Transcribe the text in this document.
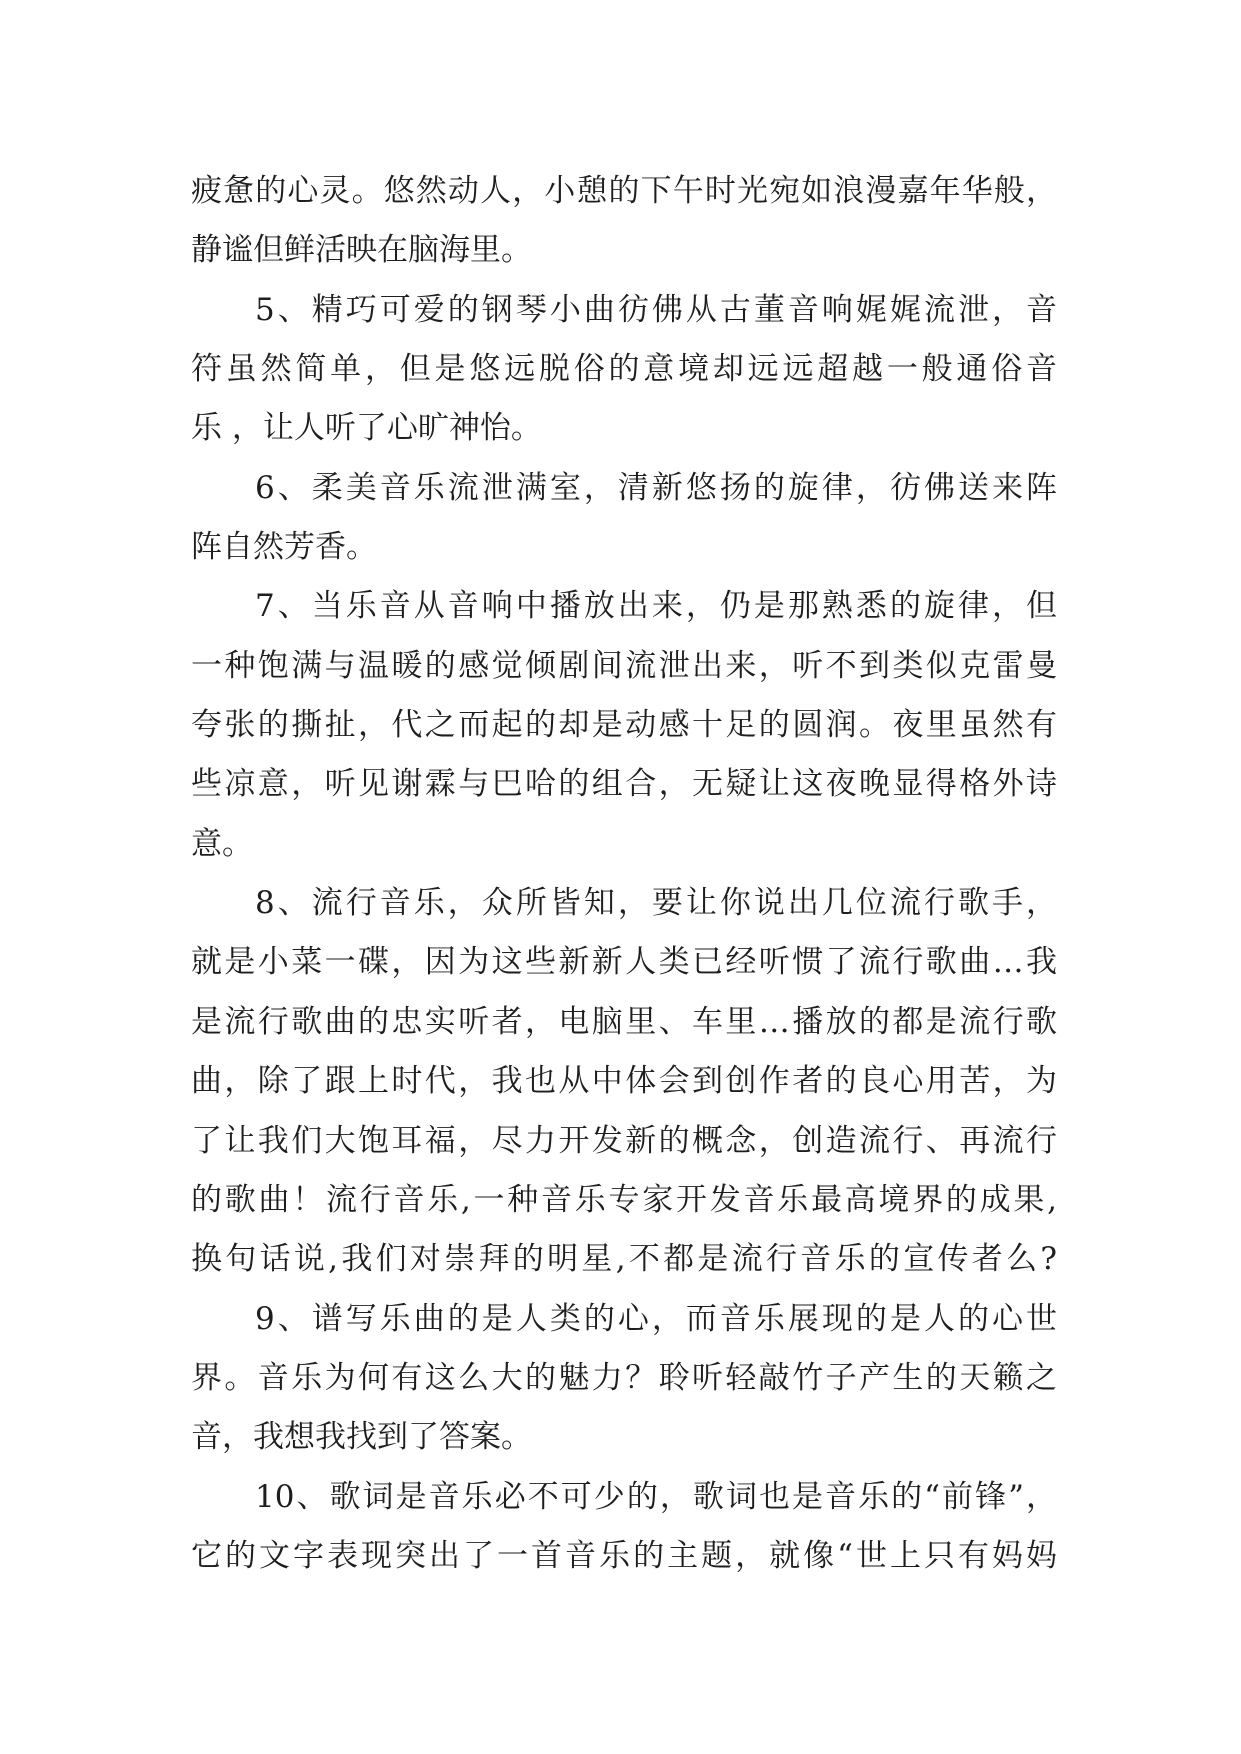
疲惫的心灵。悠然动人，小憩的下午时光宛如浪漫嘉年华般，
静谧但鲜活映在脑海里。
5、精巧可爱的钢琴小曲彷佛从古董音响娓娓流泄，音
符虽然简单，但是悠远脱俗的意境却远远超越一般通俗音
乐 ，让人听了心旷神怡。
6、柔美音乐流泄满室，清新悠扬的旋律，彷佛送来阵
阵自然芳香。
7、当乐音从音响中播放出来，仍是那熟悉的旋律，但
一种饱满与温暖的感觉倾剧间流泄出来，听不到类似克雷曼
夸张的撕扯，代之而起的却是动感十足的圆润。夜里虽然有
些凉意，听见谢霖与巴哈的组合，无疑让这夜晚显得格外诗
意。
8、流行音乐，众所皆知，要让你说出几位流行歌手，
就是小菜一碟，因为这些新新人类已经听惯了流行歌曲…我
是流行歌曲的忠实听者，电脑里、车里…播放的都是流行歌
曲，除了跟上时代，我也从中体会到创作者的良心用苦，为
了让我们大饱耳福，尽力开发新的概念，创造流行、再流行
的歌曲！流行音乐,一种音乐专家开发音乐最高境界的成果,
换句话说,我们对崇拜的明星,不都是流行音乐的宣传者么?
9、谱写乐曲的是人类的心，而音乐展现的是人的心世
界。音乐为何有这么大的魅力？聆听轻敲竹子产生的天籁之
音，我想我找到了答案。
10、歌词是音乐必不可少的，歌词也是音乐的“前锋”，
它的文字表现突出了一首音乐的主题，就像“世上只有妈妈
